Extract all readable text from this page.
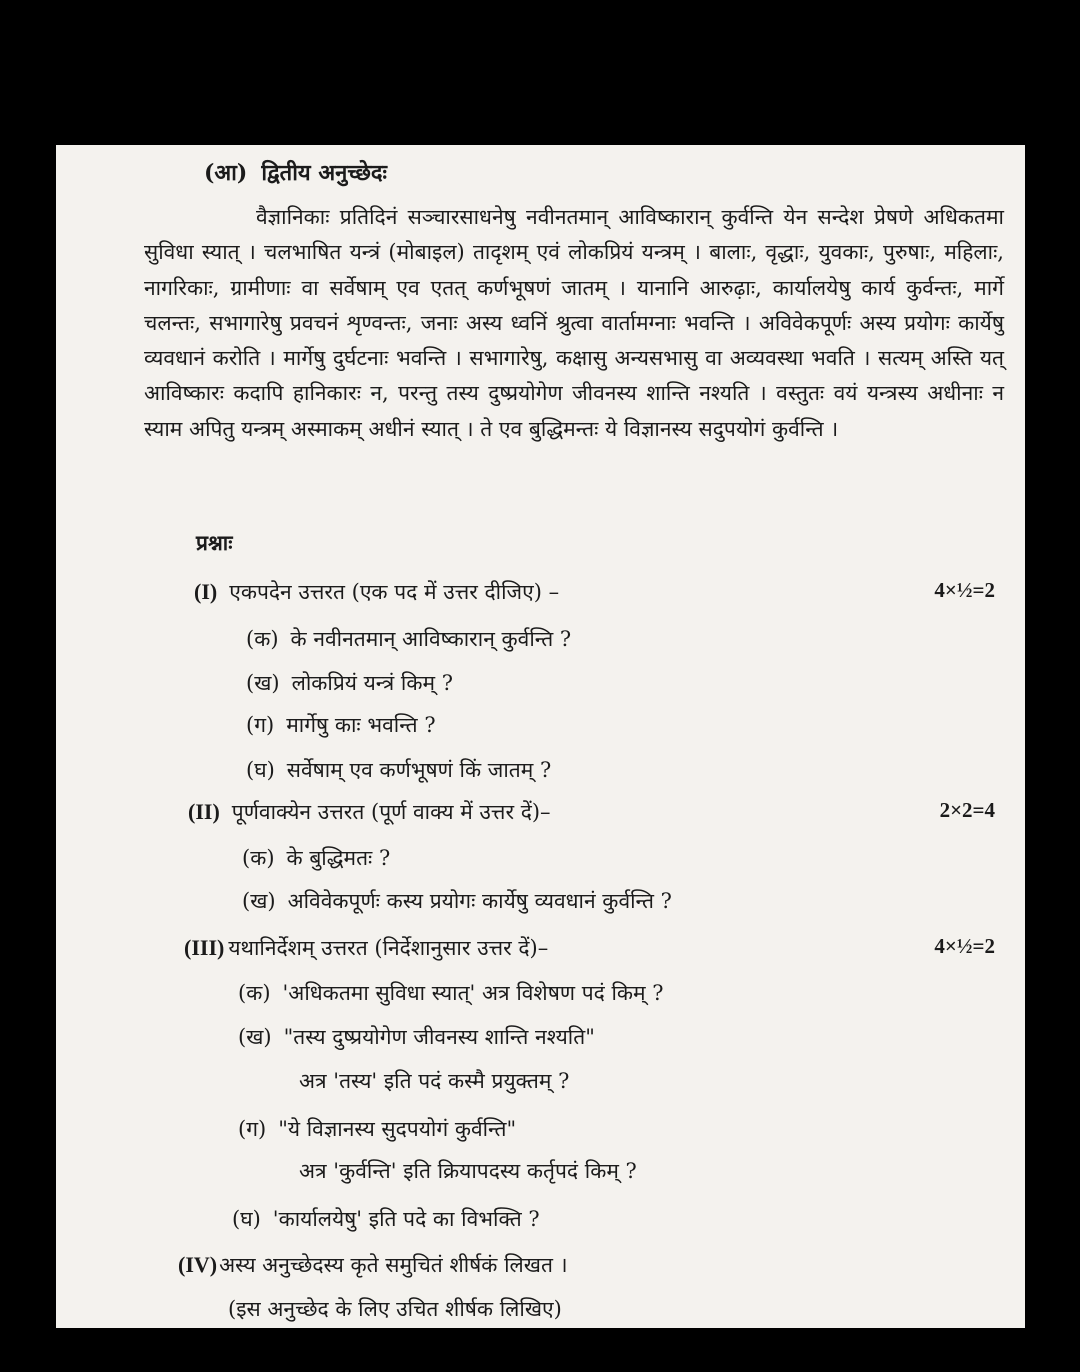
(आ) द्वितीय अनुच्छेदः

वैज्ञानिकाः प्रतिदिनं सञ्चारसाधनेषु नवीनतमान् आविष्कारान् कुर्वन्ति येन सन्देश प्रेषणे अधिकतमा सुविधा स्यात् । चलभाषित यन्त्रं (मोबाइल) तादृशम् एवं लोकप्रियं यन्त्रम् । बालाः, वृद्धाः, युवकाः, पुरुषाः, महिलाः, नागरिकाः, ग्रामीणाः वा सर्वेषाम् एव एतत् कर्णभूषणं जातम् । यानानि आरुढ़ाः, कार्यालयेषु कार्य कुर्वन्तः, मार्गे चलन्तः, सभागारेषु प्रवचनं शृण्वन्तः, जनाः अस्य ध्वनिं श्रुत्वा वार्तामग्नाः भवन्ति । अविवेकपूर्णः अस्य प्रयोगः कार्येषु व्यवधानं करोति । मार्गेषु दुर्घटनाः भवन्ति । सभागारेषु, कक्षासु अन्यसभासु वा अव्यवस्था भवति । सत्यम् अस्ति यत् आविष्कारः कदापि हानिकारः न, परन्तु तस्य दुष्प्रयोगेण जीवनस्य शान्ति नश्यति । वस्तुतः वयं यन्त्रस्य अधीनाः न स्याम अपितु यन्त्रम् अस्माकम् अधीनं स्यात् । ते एव बुद्धिमन्तः ये विज्ञानस्य सदुपयोगं कुर्वन्ति ।

प्रश्नाः
(I) एकपदेन उत्तरत (एक पद में उत्तर दीजिए) –	4×½=2
(क) के नवीनतमान् आविष्कारान् कुर्वन्ति ?
(ख) लोकप्रियं यन्त्रं किम् ?
(ग) मार्गेषु काः भवन्ति ?
(घ) सर्वेषाम् एव कर्णभूषणं किं जातम् ?
(II) पूर्णवाक्येन उत्तरत (पूर्ण वाक्य में उत्तर दें)–	2×2=4
(क) के बुद्धिमतः ?
(ख) अविवेकपूर्णः कस्य प्रयोगः कार्येषु व्यवधानं कुर्वन्ति ?
(III) यथानिर्देशम् उत्तरत (निर्देशानुसार उत्तर दें)–	4×½=2
(क) 'अधिकतमा सुविधा स्यात्' अत्र विशेषण पदं किम् ?
(ख) "तस्य दुष्प्रयोगेण जीवनस्य शान्ति नश्यति"
अत्र 'तस्य' इति पदं कस्मै प्रयुक्तम् ?
(ग) "ये विज्ञानस्य सुदपयोगं कुर्वन्ति"
अत्र 'कुर्वन्ति' इति क्रियापदस्य कर्तृपदं किम् ?
(घ) 'कार्यालयेषु' इति पदे का विभक्ति ?
(IV)अस्य अनुच्छेदस्य कृते समुचितं शीर्षकं लिखत ।
(इस अनुच्छेद के लिए उचित शीर्षक लिखिए)
